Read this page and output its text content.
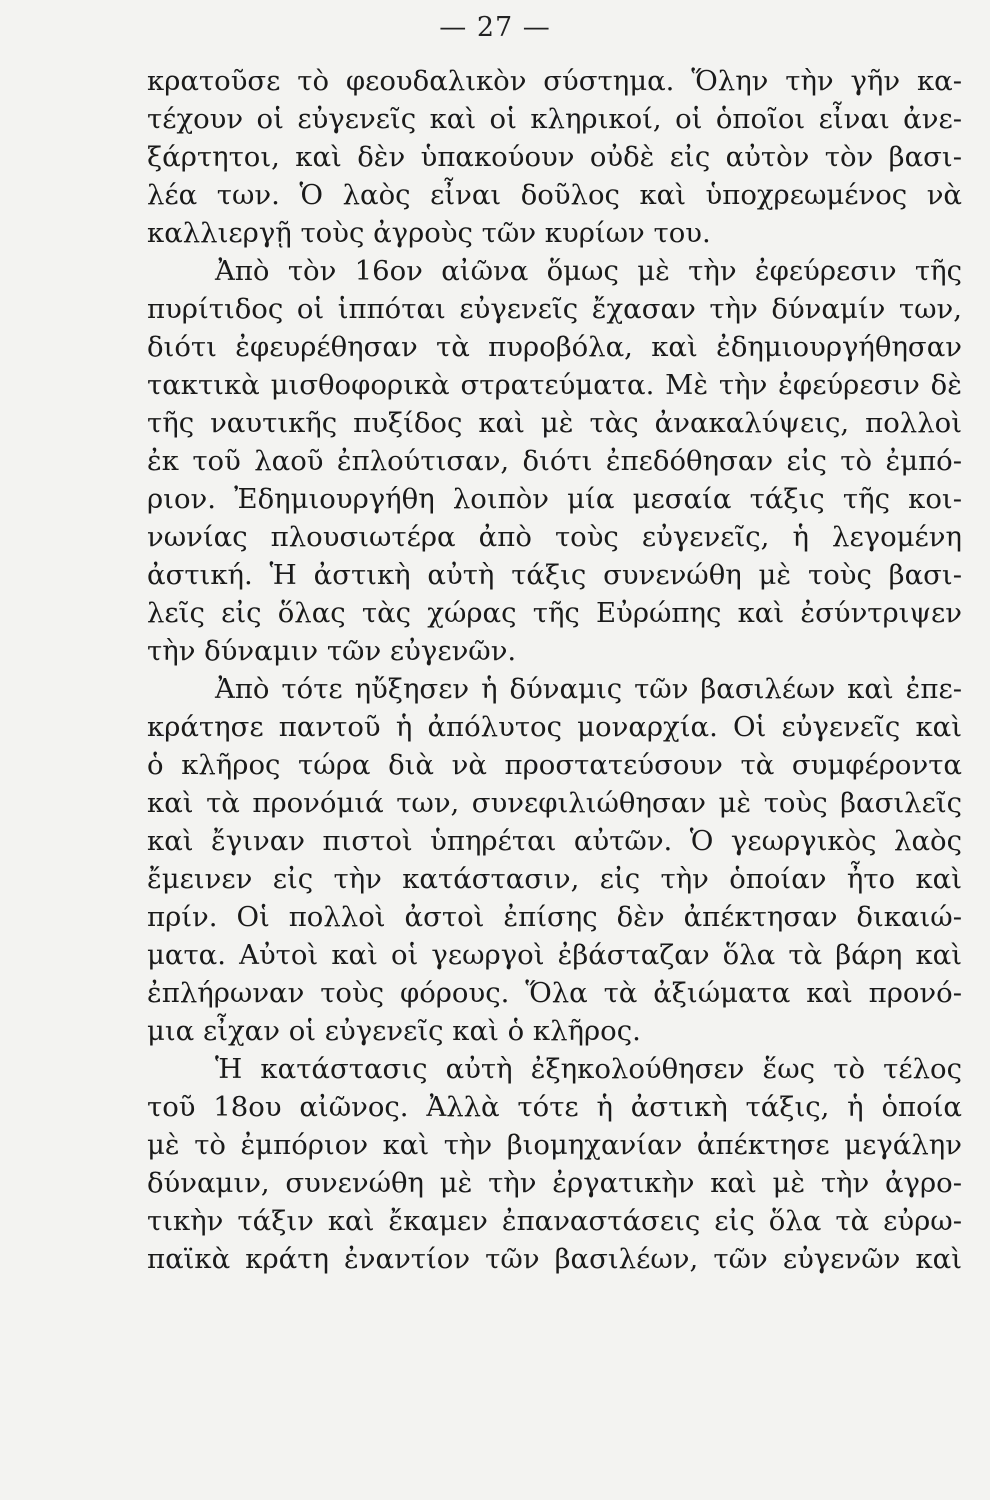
— 27 —
κρατοῦσε τὸ φεουδαλικὸν σύστημα. Ὅλην τὴν γῆν κα-
τέχουν οἱ εὐγενεῖς καὶ οἱ κληρικοί, οἱ ὁποῖοι εἶναι ἀνε-
ξάρτητοι, καὶ δὲν ὑπακούουν οὐδὲ εἰς αὐτὸν τὸν βασι-
λέα των. Ὁ λαὸς εἶναι δοῦλος καὶ ὑποχρεωμένος νὰ
καλλιεργῇ τοὺς ἀγροὺς τῶν κυρίων του.
Ἀπὸ τὸν 16ον αἰῶνα ὅμως μὲ τὴν ἐφεύρεσιν τῆς
πυρίτιδος οἱ ἱππόται εὐγενεῖς ἔχασαν τὴν δύναμίν των,
διότι ἐφευρέθησαν τὰ πυροβόλα, καὶ ἐδημιουργήθησαν
τακτικὰ μισθοφορικὰ στρατεύματα. Μὲ τὴν ἐφεύρεσιν δὲ
τῆς ναυτικῆς πυξίδος καὶ μὲ τὰς ἀνακαλύψεις, πολλοὶ
ἐκ τοῦ λαοῦ ἐπλούτισαν, διότι ἐπεδόθησαν εἰς τὸ ἐμπό-
ριον. Ἐδημιουργήθη λοιπὸν μία μεσαία τάξις τῆς κοι-
νωνίας πλουσιωτέρα ἀπὸ τοὺς εὐγενεῖς, ἡ λεγομένη
ἀστική. Ἡ ἀστικὴ αὐτὴ τάξις συνενώθη μὲ τοὺς βασι-
λεῖς εἰς ὅλας τὰς χώρας τῆς Εὐρώπης καὶ ἐσύντριψεν
τὴν δύναμιν τῶν εὐγενῶν.
Ἀπὸ τότε ηὔξησεν ἡ δύναμις τῶν βασιλέων καὶ ἐπε-
κράτησε παντοῦ ἡ ἀπόλυτος μοναρχία. Οἱ εὐγενεῖς καὶ
ὁ κλῆρος τώρα διὰ νὰ προστατεύσουν τὰ συμφέροντα
καὶ τὰ προνόμιά των, συνεφιλιώθησαν μὲ τοὺς βασιλεῖς
καὶ ἔγιναν πιστοὶ ὑπηρέται αὐτῶν. Ὁ γεωργικὸς λαὸς
ἔμεινεν εἰς τὴν κατάστασιν, εἰς τὴν ὁποίαν ἦτο καὶ
πρίν. Οἱ πολλοὶ ἀστοὶ ἐπίσης δὲν ἀπέκτησαν δικαιώ-
ματα. Αὐτοὶ καὶ οἱ γεωργοὶ ἐβάσταζαν ὅλα τὰ βάρη καὶ
ἐπλήρωναν τοὺς φόρους. Ὅλα τὰ ἀξιώματα καὶ προνό-
μια εἶχαν οἱ εὐγενεῖς καὶ ὁ κλῆρος.
Ἡ κατάστασις αὐτὴ ἐξηκολούθησεν ἕως τὸ τέλος
τοῦ 18ου αἰῶνος. Ἀλλὰ τότε ἡ ἀστικὴ τάξις, ἡ ὁποία
μὲ τὸ ἐμπόριον καὶ τὴν βιομηχανίαν ἀπέκτησε μεγάλην
δύναμιν, συνενώθη μὲ τὴν ἐργατικὴν καὶ μὲ τὴν ἀγρο-
τικὴν τάξιν καὶ ἔκαμεν ἐπαναστάσεις εἰς ὅλα τὰ εὐρω-
παϊκὰ κράτη ἐναντίον τῶν βασιλέων, τῶν εὐγενῶν καὶ
